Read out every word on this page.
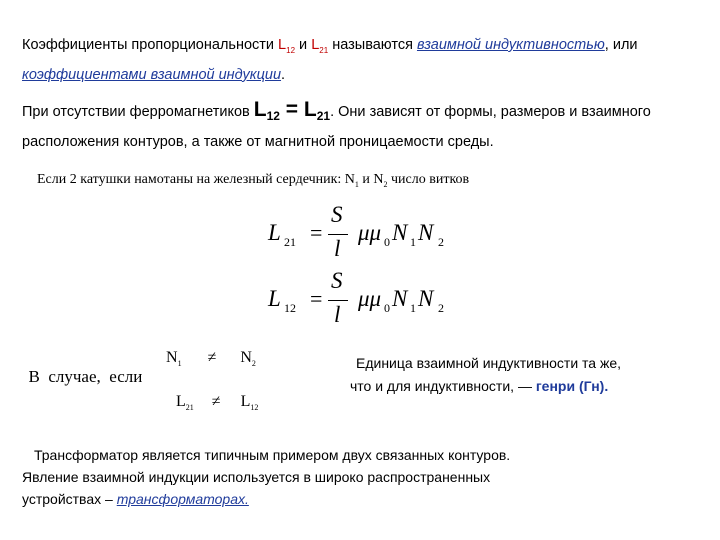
Коэффициенты пропорциональности $L_{12}$ и $L_{21}$ называются взаимной индуктивностью, или коэффициентами взаимной индукции.
При отсутствии ферромагнетиков $L_{12} = L_{21}$. Они зависят от формы, размеров и взаимного расположения контуров, а также от магнитной проницаемости среды.
Если 2 катушки намотаны на железный сердечник: $N_1$ и $N_2$ число витков
L 21 =
S
l
μμ 0 N 1 N 2
L 12 =
S
l
μμ 0 N 1 N 2

В  случае,  если

$N_1 \ne N_2$
$L_{21} \ne L_{12}$
Единица взаимной индуктивности та же,
что и для индуктивности, — генри (Гн).
Трансформатор является типичным примером двух связанных контуров.
Явление взаимной индукции используется в широко распространенных
устройствах – трансформаторах.
